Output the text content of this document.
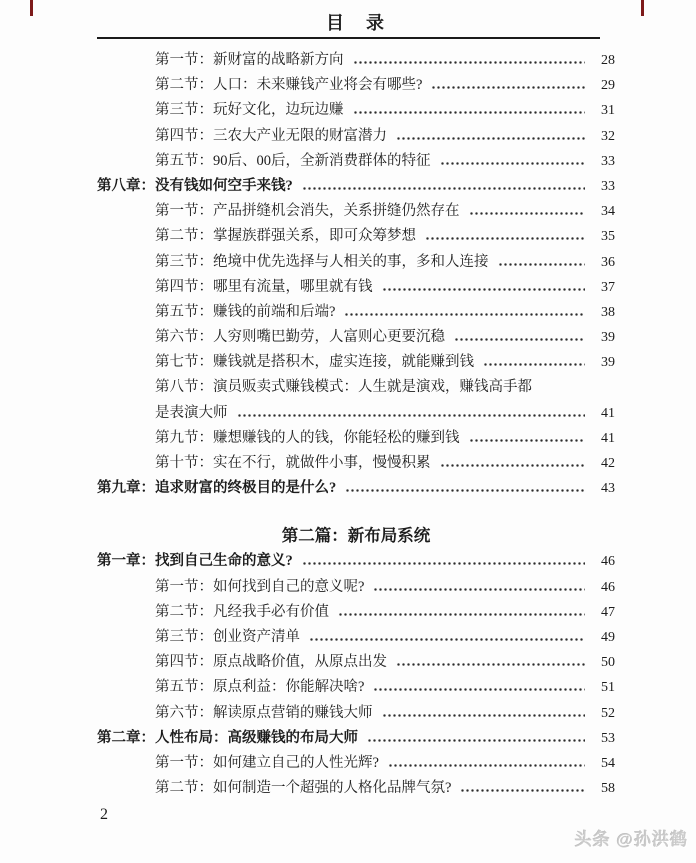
目　录
第一节：新财富的战略新方向	28
第二节：人口：未来赚钱产业将会有哪些?	29
第三节：玩好文化，边玩边赚	31
第四节：三农大产业无限的财富潜力	32
第五节：90后、00后，全新消费群体的特征	33
第八章：没有钱如何空手来钱?	33
第一节：产品拼缝机会消失，关系拼缝仍然存在	34
第二节：掌握族群强关系，即可众筹梦想	35
第三节：绝境中优先选择与人相关的事，多和人连接	36
第四节：哪里有流量，哪里就有钱	37
第五节：赚钱的前端和后端?	38
第六节：人穷则嘴巴勤劳，人富则心更要沉稳	39
第七节：赚钱就是搭积木，虚实连接，就能赚到钱	39
第八节：演员贩卖式赚钱模式：人生就是演戏，赚钱高手都
是表演大师	41
第九节：赚想赚钱的人的钱，你能轻松的赚到钱	41
第十节：实在不行，就做件小事，慢慢积累	42
第九章：追求财富的终极目的是什么?	43
第二篇：新布局系统
第一章：找到自己生命的意义?	46
第一节：如何找到自己的意义呢?	46
第二节：凡经我手必有价值	47
第三节：创业资产清单	49
第四节：原点战略价值，从原点出发	50
第五节：原点利益：你能解决啥?	51
第六节：解读原点营销的赚钱大师	52
第二章：人性布局：高级赚钱的布局大师	53
第一节：如何建立自己的人性光辉?	54
第二节：如何制造一个超强的人格化品牌气氛?	58
2
头条 @孙洪鹤
